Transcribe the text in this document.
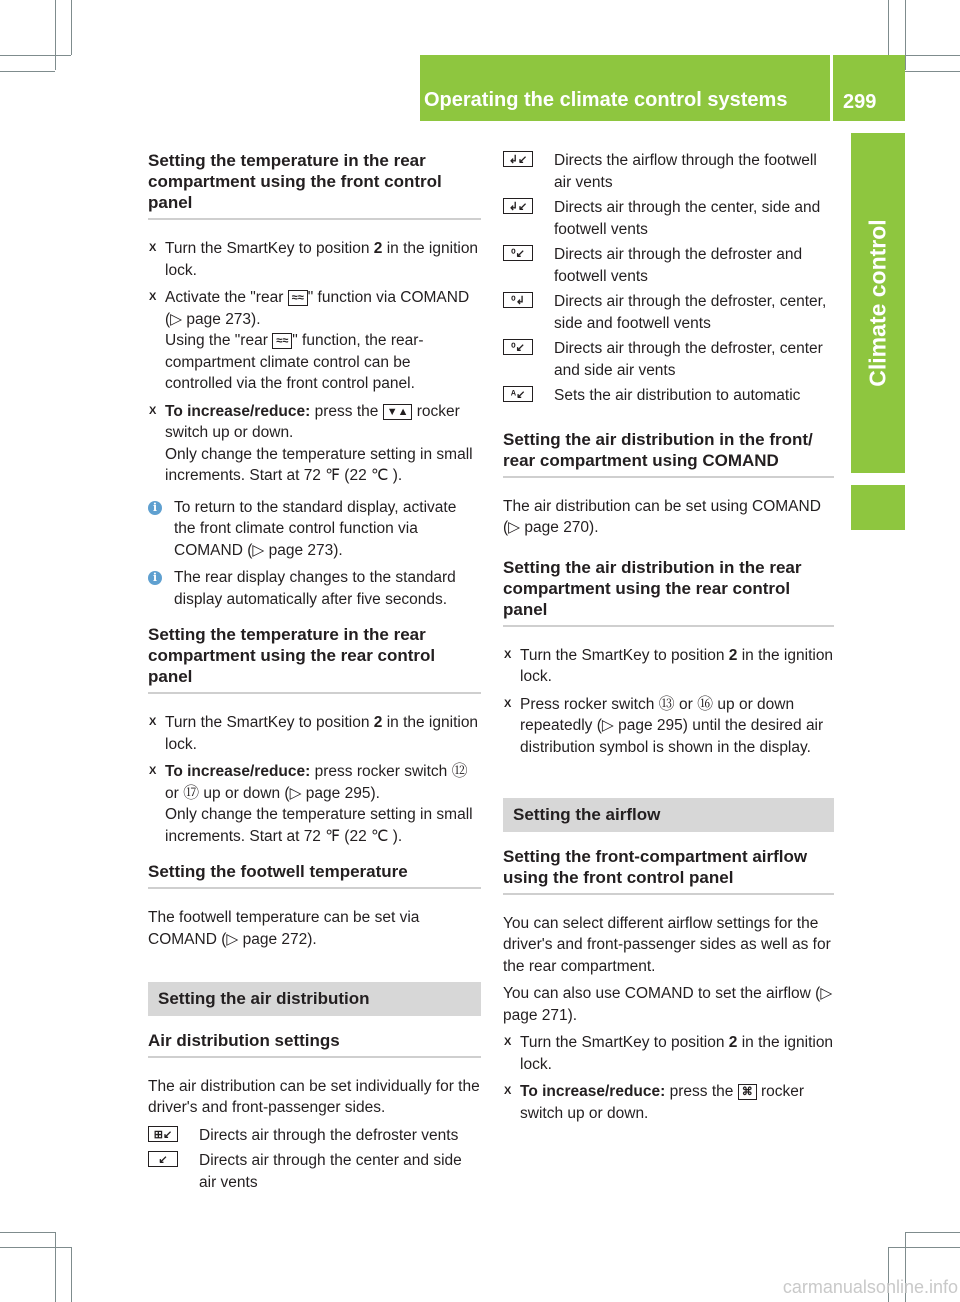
Operating the climate control systems	299
Climate control
Setting the temperature in the rear compartment using the front control panel
X Turn the SmartKey to position 2 in the ignition lock.
X Activate the "rear ≈≈ " function via COMAND (▷ page 273).
Using the "rear ≈≈ " function, the rear-compartment climate control can be controlled via the front control panel.
X To increase/reduce: press the ▼▲ rocker switch up or down.
Only change the temperature setting in small increments. Start at 72 ℉ (22 ℃ ).
i	To return to the standard display, activate the front climate control function via COMAND (▷ page 273).
i	The rear display changes to the standard display automatically after five seconds.
Setting the temperature in the rear compartment using the rear control panel
X Turn the SmartKey to position 2 in the ignition lock.
X To increase/reduce: press rocker switch ⑫ or ⑰ up or down (▷ page 295).
Only change the temperature setting in small increments. Start at 72 ℉ (22 ℃ ).
Setting the footwell temperature

The footwell temperature can be set via COMAND (▷ page 272).

Setting the air distribution
Air distribution settings

The air distribution can be set individually for the driver's and front-passenger sides.

⊞↙	Directs air through the defroster vents
↙	Directs air through the center and side air vents
↲↙	Directs the airflow through the footwell air vents
↲↙	Directs air through the center, side and footwell vents
⁰↙	Directs air through the defroster and footwell vents
⁰↲	Directs air through the defroster, center, side and footwell vents
⁰↙	Directs air through the defroster, center and side air vents
ᴬ↙	Sets the air distribution to automatic
Setting the air distribution in the front/ rear compartment using COMAND

The air distribution can be set using COMAND (▷ page 270).

Setting the air distribution in the rear compartment using the rear control panel
X Turn the SmartKey to position 2 in the ignition lock.
X Press rocker switch ⑬ or ⑯ up or down repeatedly (▷ page 295) until the desired air distribution symbol is shown in the display.
Setting the airflow
Setting the front-compartment airflow using the front control panel

You can select different airflow settings for the driver's and front-passenger sides as well as for the rear compartment.

You can also use COMAND to set the airflow (▷ page 271).

X Turn the SmartKey to position 2 in the ignition lock.
X To increase/reduce: press the ⌘ rocker switch up or down.
carmanualsonline.info
